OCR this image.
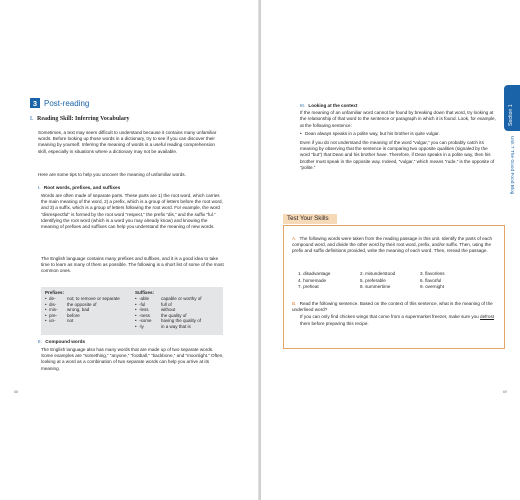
3 Post-reading
I. Reading Skill: Inferring Vocabulary
Sometimes, a text may seem difficult to understand because it contains many unfamiliar words. Before looking up those words in a dictionary, try to see if you can discover their meaning by yourself. Inferring the meaning of words is a useful reading comprehension skill, especially in situations where a dictionary may not be available.
Here are some tips to help you uncover the meaning of unfamiliar words.
I. Root words, prefixes, and suffixes
Words are often made of separate parts. These parts are 1) the root word, which carries the main meaning of the word, 2) a prefix, which is a group of letters before the root word, and 3) a suffix, which is a group of letters following the root word. For example, the word “disrespectful” is formed by the root word “respect,” the prefix “dis,” and the suffix “ful.” Identifying the root word (which is a word you may already know) and knowing the meaning of prefixes and suffixes can help you understand the meaning of new words.
The English language contains many prefixes and suffixes, and it is a good idea to take time to learn as many of them as possible. The following is a short list of some of the most common ones.
Prefixes:
• de-	not; to remove or separate
• dis-	the opposite of
• mis-	wrong, bad
• pre-	before
• un-	not
Suffixes:
• -able	capable or worthy of
• -ful	full of
• -less	without
• -ness	the quality of
• -some	having the quality of
• -ly	in a way that is
II. Compound words
The English language also has many words that are made up of two separate words. Some examples are “something,” “anyone,” “football,” “backbone,” and “moonlight.” Often, looking at a word as a combination of two separate words can help you arrive at its meaning.
68
III. Looking at the context
If the meaning of an unfamiliar word cannot be found by breaking down that word, try looking at the relationship of that word to the sentence or paragraph in which it is found. Look, for example, at the following sentence:
• Dean always speaks in a polite way, but his brother is quite vulgar.
Even if you do not understand the meaning of the word “vulgar,” you can probably catch its meaning by observing that the sentence is comparing two opposite qualities (signaled by the word “but”) that Dean and his brother have. Therefore, if Dean speaks in a polite way, then his brother must speak in the opposite way. Indeed, “vulgar,” which means “rude,” is the opposite of “polite.”
Section 1
Unit 7 The Good Food Blog
Test Your Skills
A. The following words were taken from the reading passage in this unit. Identify the parts of each compound word, and divide the other word by their root word, prefix, and/or suffix. Then, using the prefix and suffix definitions provided, write the meaning of each word. Then, reread the passage.
1. disadvantage	2. misunderstood	3. flavorless
4. homemade	5. preferable	6. flavorful
7. preheat	8. summertime	9. overnight
B. Read the following sentence. Based on the context of this sentence, what is the meaning of the underlined word?
If you can only find chicken wings that come from a supermarket freezer, make sure you defrost them before preparing this recipe.
69
